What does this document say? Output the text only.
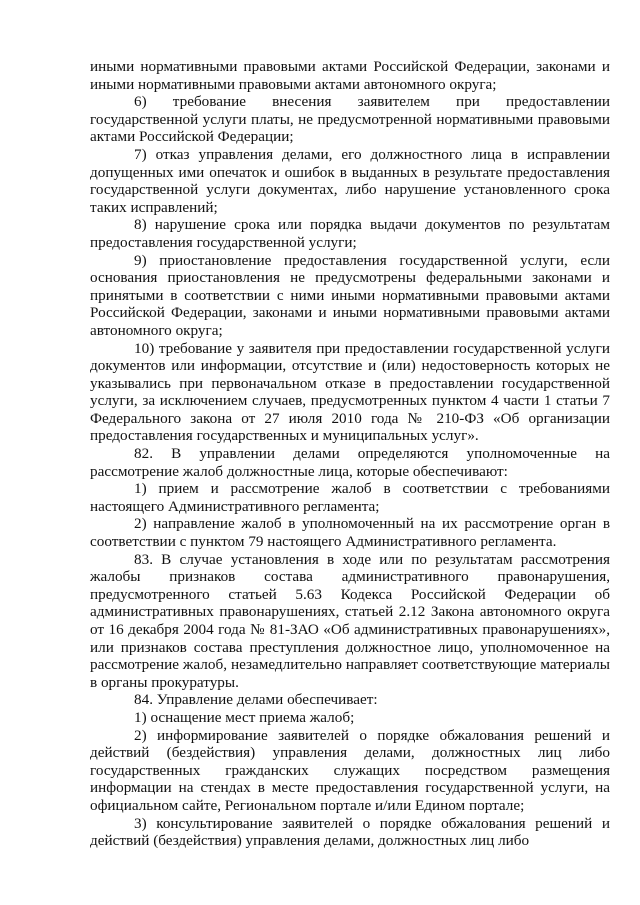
иными нормативными правовыми актами Российской Федерации, законами и иными нормативными правовыми актами автономного округа;

6) требование внесения заявителем при предоставлении государственной услуги платы, не предусмотренной нормативными правовыми актами Российской Федерации;

7) отказ управления делами, его должностного лица в исправлении допущенных ими опечаток и ошибок в выданных в результате предоставления государственной услуги документах, либо нарушение установленного срока таких исправлений;

8) нарушение срока или порядка выдачи документов по результатам предоставления государственной услуги;

9) приостановление предоставления государственной услуги, если основания приостановления не предусмотрены федеральными законами и принятыми в соответствии с ними иными нормативными правовыми актами Российской Федерации, законами и иными нормативными правовыми актами автономного округа;

10) требование у заявителя при предоставлении государственной услуги документов или информации, отсутствие и (или) недостоверность которых не указывались при первоначальном отказе в предоставлении государственной услуги, за исключением случаев, предусмотренных пунктом 4 части 1 статьи 7 Федерального закона от 27 июля 2010 года № 210-ФЗ «Об организации предоставления государственных и муниципальных услуг».

82. В управлении делами определяются уполномоченные на рассмотрение жалоб должностные лица, которые обеспечивают:

1) прием и рассмотрение жалоб в соответствии с требованиями настоящего Административного регламента;

2) направление жалоб в уполномоченный на их рассмотрение орган в соответствии с пунктом 79 настоящего Административного регламента.

83. В случае установления в ходе или по результатам рассмотрения жалобы признаков состава административного правонарушения, предусмотренного статьей 5.63 Кодекса Российской Федерации об административных правонарушениях, статьей 2.12 Закона автономного округа от 16 декабря 2004 года № 81-ЗАО «Об административных правонарушениях», или признаков состава преступления должностное лицо, уполномоченное на рассмотрение жалоб, незамедлительно направляет соответствующие материалы в органы прокуратуры.

84. Управление делами обеспечивает:

1) оснащение мест приема жалоб;

2) информирование заявителей о порядке обжалования решений и действий (бездействия) управления делами, должностных лиц либо государственных гражданских служащих посредством размещения информации на стендах в месте предоставления государственной услуги, на официальном сайте, Региональном портале и/или Едином портале;

3) консультирование заявителей о порядке обжалования решений и действий (бездействия) управления делами, должностных лиц либо
